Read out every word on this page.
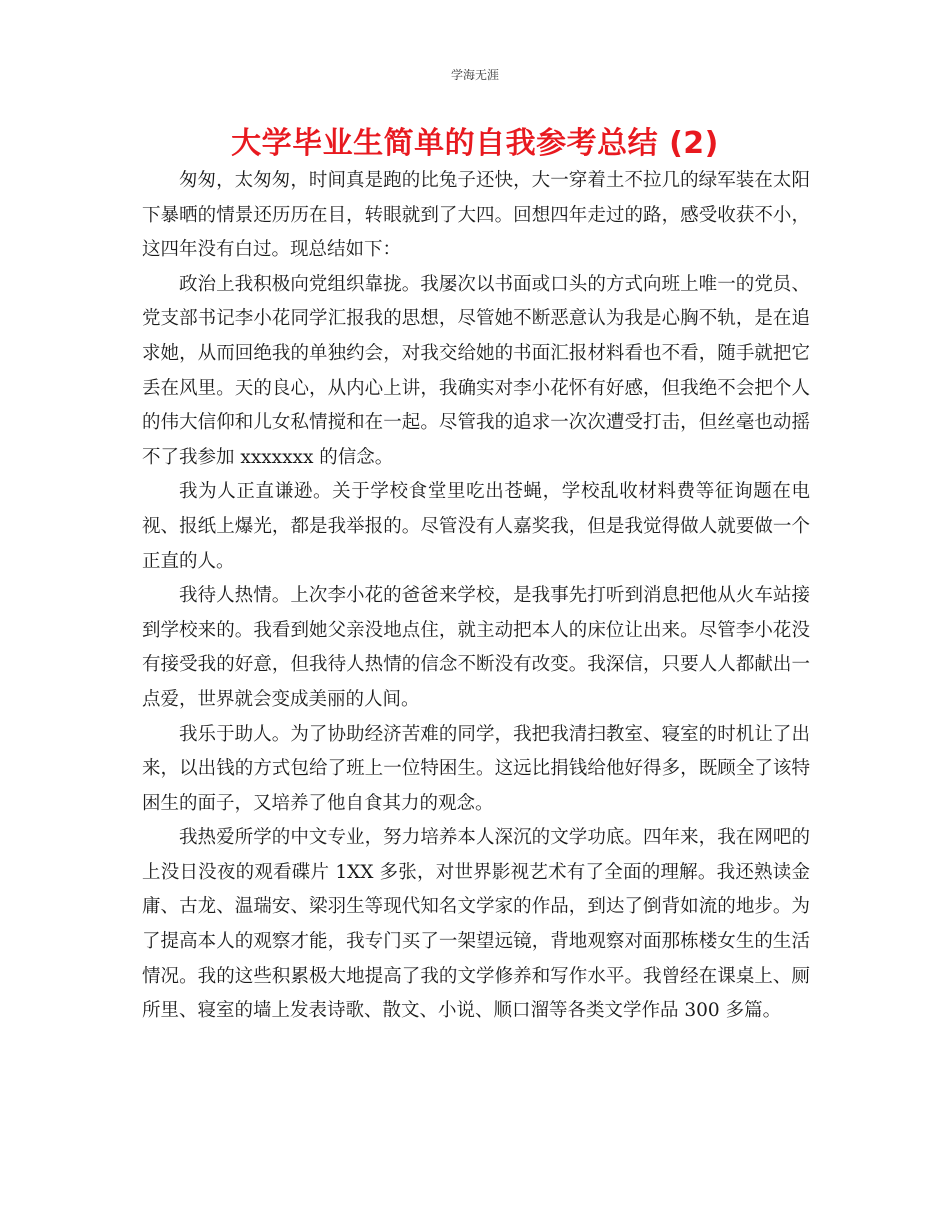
学海无涯
大学毕业生简单的自我参考总结 (2)

匆匆，太匆匆，时间真是跑的比兔子还快，大一穿着土不拉几的绿军装在太阳下暴晒的情景还历历在目，转眼就到了大四。回想四年走过的路，感受收获不小，这四年没有白过。现总结如下：

政治上我积极向党组织靠拢。我屡次以书面或口头的方式向班上唯一的党员、党支部书记李小花同学汇报我的思想，尽管她不断恶意认为我是心胸不轨，是在追求她，从而回绝我的单独约会，对我交给她的书面汇报材料看也不看，随手就把它丢在风里。天的良心，从内心上讲，我确实对李小花怀有好感，但我绝不会把个人的伟大信仰和儿女私情搅和在一起。尽管我的追求一次次遭受打击，但丝毫也动摇不了我参加 xxxxxxx 的信念。

我为人正直谦逊。关于学校食堂里吃出苍蝇，学校乱收材料费等征询题在电视、报纸上爆光，都是我举报的。尽管没有人嘉奖我，但是我觉得做人就要做一个正直的人。

我待人热情。上次李小花的爸爸来学校，是我事先打听到消息把他从火车站接到学校来的。我看到她父亲没地点住，就主动把本人的床位让出来。尽管李小花没有接受我的好意，但我待人热情的信念不断没有改变。我深信，只要人人都献出一点爱，世界就会变成美丽的人间。

我乐于助人。为了协助经济苦难的同学，我把我清扫教室、寝室的时机让了出来，以出钱的方式包给了班上一位特困生。这远比捐钱给他好得多，既顾全了该特困生的面子，又培养了他自食其力的观念。

我热爱所学的中文专业，努力培养本人深沉的文学功底。四年来，我在网吧的上没日没夜的观看碟片 1XX 多张，对世界影视艺术有了全面的理解。我还熟读金庸、古龙、温瑞安、梁羽生等现代知名文学家的作品，到达了倒背如流的地步。为了提高本人的观察才能，我专门买了一架望远镜，背地观察对面那栋楼女生的生活情况。我的这些积累极大地提高了我的文学修养和写作水平。我曾经在课桌上、厕所里、寝室的墙上发表诗歌、散文、小说、顺口溜等各类文学作品 300 多篇。
